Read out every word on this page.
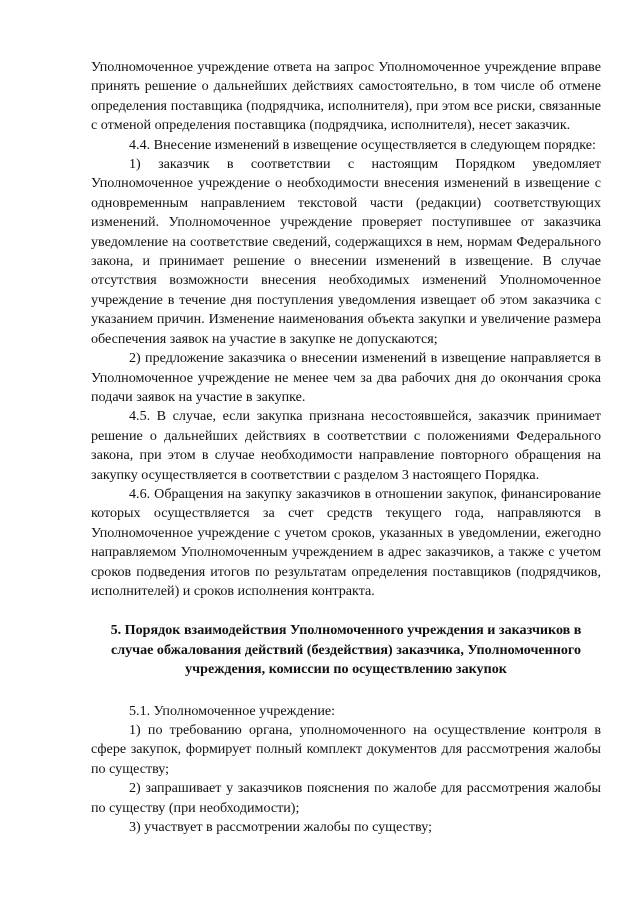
Уполномоченное учреждение ответа на запрос Уполномоченное учреждение вправе принять решение о дальнейших действиях самостоятельно, в том числе об отмене определения поставщика (подрядчика, исполнителя), при этом все риски, связанные с отменой определения поставщика (подрядчика, исполнителя), несет заказчик.

4.4. Внесение изменений в извещение осуществляется в следующем порядке:

1) заказчик в соответствии с настоящим Порядком уведомляет Уполномоченное учреждение о необходимости внесения изменений в извещение с одновременным направлением текстовой части (редакции) соответствующих изменений. Уполномоченное учреждение проверяет поступившее от заказчика уведомление на соответствие сведений, содержащихся в нем, нормам Федерального закона, и принимает решение о внесении изменений в извещение. В случае отсутствия возможности внесения необходимых изменений Уполномоченное учреждение в течение дня поступления уведомления извещает об этом заказчика с указанием причин. Изменение наименования объекта закупки и увеличение размера обеспечения заявок на участие в закупке не допускаются;

2) предложение заказчика о внесении изменений в извещение направляется в Уполномоченное учреждение не менее чем за два рабочих дня до окончания срока подачи заявок на участие в закупке.

4.5. В случае, если закупка признана несостоявшейся, заказчик принимает решение о дальнейших действиях в соответствии с положениями Федерального закона, при этом в случае необходимости направление повторного обращения на закупку осуществляется в соответствии с разделом 3 настоящего Порядка.

4.6. Обращения на закупку заказчиков в отношении закупок, финансирование которых осуществляется за счет средств текущего года, направляются в Уполномоченное учреждение с учетом сроков, указанных в уведомлении, ежегодно направляемом Уполномоченным учреждением в адрес заказчиков, а также с учетом сроков подведения итогов по результатам определения поставщиков (подрядчиков, исполнителей) и сроков исполнения контракта.

5. Порядок взаимодействия Уполномоченного учреждения и заказчиков в случае обжалования действий (бездействия) заказчика, Уполномоченного учреждения, комиссии по осуществлению закупок

5.1. Уполномоченное учреждение:

1) по требованию органа, уполномоченного на осуществление контроля в сфере закупок, формирует полный комплект документов для рассмотрения жалобы по существу;

2) запрашивает у заказчиков пояснения по жалобе для рассмотрения жалобы по существу (при необходимости);

3) участвует в рассмотрении жалобы по существу;
